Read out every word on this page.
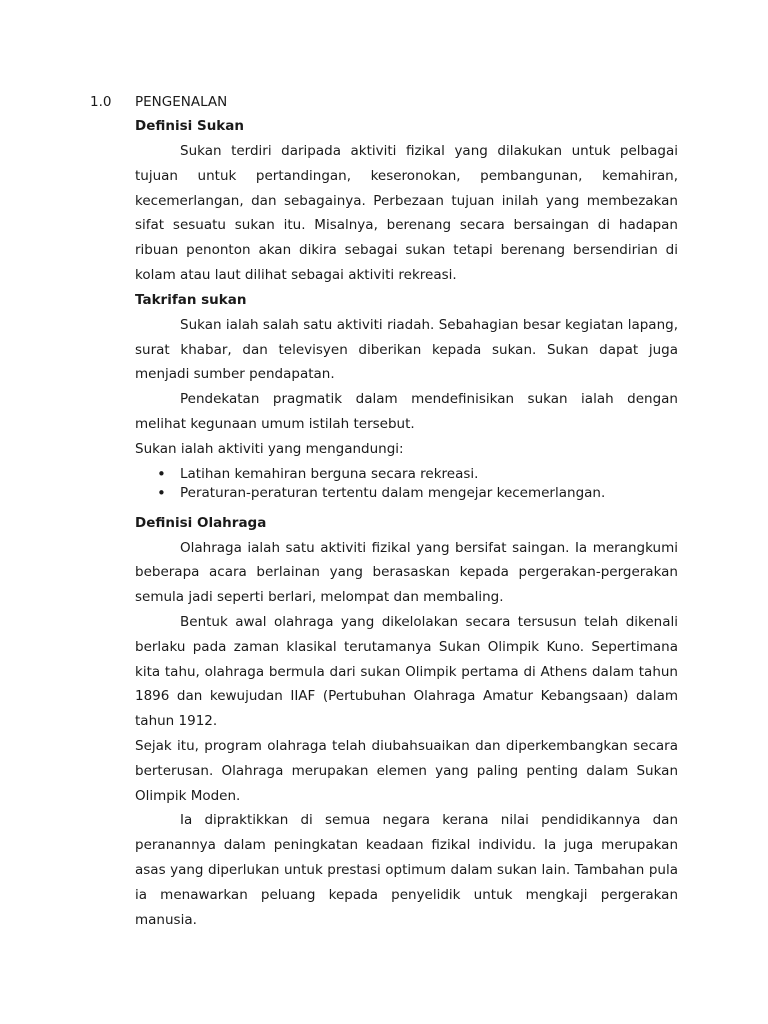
1.0 PENGENALAN
Definisi Sukan

Sukan terdiri daripada aktiviti fizikal yang dilakukan untuk pelbagai tujuan untuk pertandingan, keseronokan, pembangunan, kemahiran, kecemerlangan, dan sebagainya. Perbezaan tujuan inilah yang membezakan sifat sesuatu sukan itu. Misalnya, berenang secara bersaingan di hadapan ribuan penonton akan dikira sebagai sukan tetapi berenang bersendirian di kolam atau laut dilihat sebagai aktiviti rekreasi.

Takrifan sukan

Sukan ialah salah satu aktiviti riadah. Sebahagian besar kegiatan lapang, surat khabar, dan televisyen diberikan kepada sukan. Sukan dapat juga menjadi sumber pendapatan.

Pendekatan pragmatik dalam mendefinisikan sukan ialah dengan melihat kegunaan umum istilah tersebut.

Sukan ialah aktiviti yang mengandungi:

• Latihan kemahiran berguna secara rekreasi.
• Peraturan-peraturan tertentu dalam mengejar kecemerlangan.
Definisi Olahraga

Olahraga ialah satu aktiviti fizikal yang bersifat saingan. Ia merangkumi beberapa acara berlainan yang berasaskan kepada pergerakan-pergerakan semula jadi seperti berlari, melompat dan membaling.

Bentuk awal olahraga yang dikelolakan secara tersusun telah dikenali berlaku pada zaman klasikal terutamanya Sukan Olimpik Kuno. Sepertimana kita tahu, olahraga bermula dari sukan Olimpik pertama di Athens dalam tahun 1896 dan kewujudan IIAF (Pertubuhan Olahraga Amatur Kebangsaan) dalam tahun 1912.

Sejak itu, program olahraga telah diubahsuaikan dan diperkembangkan secara berterusan. Olahraga merupakan elemen yang paling penting dalam Sukan Olimpik Moden.

Ia dipraktikkan di semua negara kerana nilai pendidikannya dan peranannya dalam peningkatan keadaan fizikal individu. Ia juga merupakan asas yang diperlukan untuk prestasi optimum dalam sukan lain. Tambahan pula ia menawarkan peluang kepada penyelidik untuk mengkaji pergerakan manusia.
